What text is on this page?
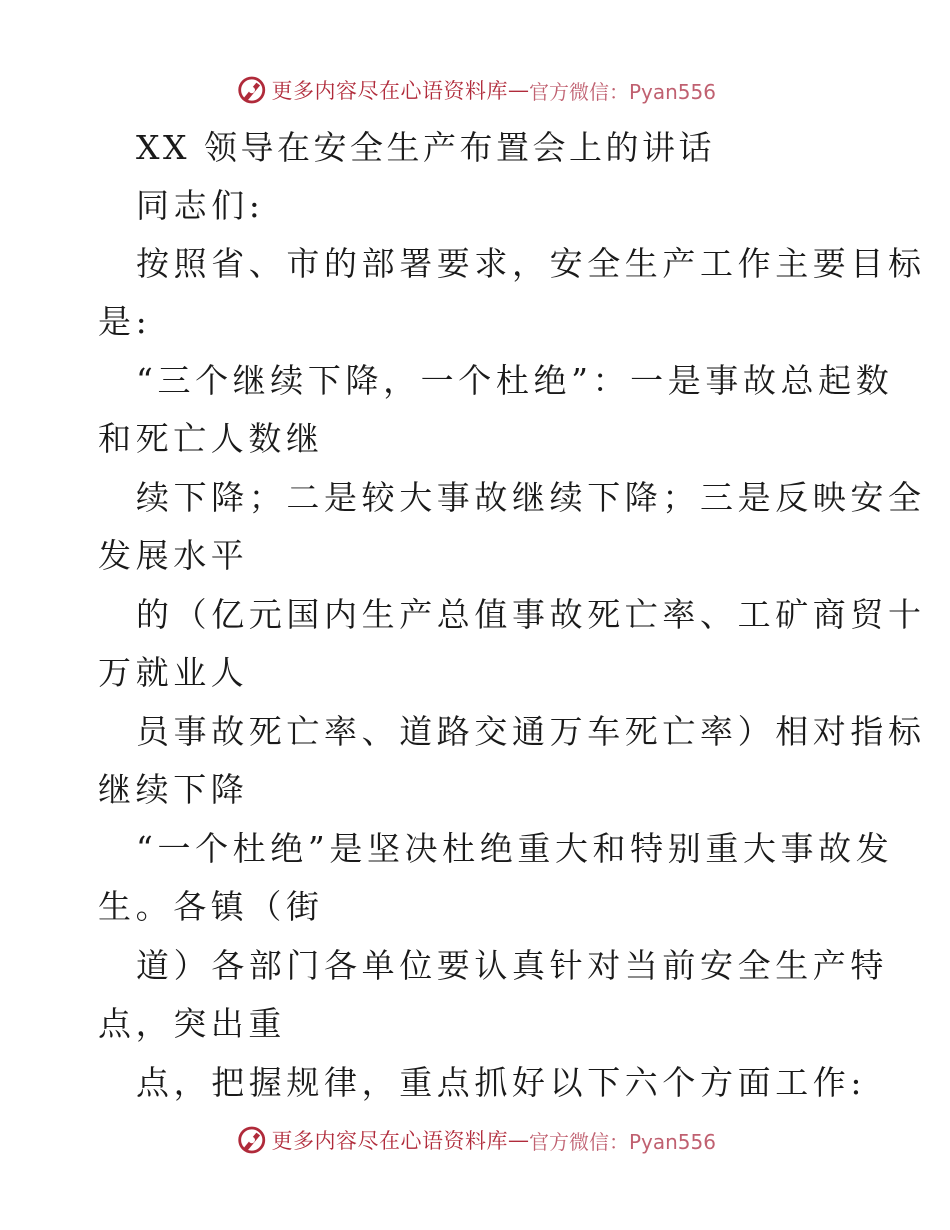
更多内容尽在心语资料库 — 官方微信：Pyan556
XX 领导在安全生产布置会上的讲话
同志们:
按照省、市的部署要求，安全生产工作主要目标
是:
“三个继续下降，一个杜绝”：一是事故总起数
和死亡人数继
续下降；二是较大事故继续下降；三是反映安全
发展水平
的（亿元国内生产总值事故死亡率、工矿商贸十
万就业人
员事故死亡率、道路交通万车死亡率）相对指标
继续下降
“一个杜绝”是坚决杜绝重大和特别重大事故发
生。各镇（街
道）各部门各单位要认真针对当前安全生产特
点，突出重
点，把握规律，重点抓好以下六个方面工作:
更多内容尽在心语资料库 — 官方微信：Pyan556
